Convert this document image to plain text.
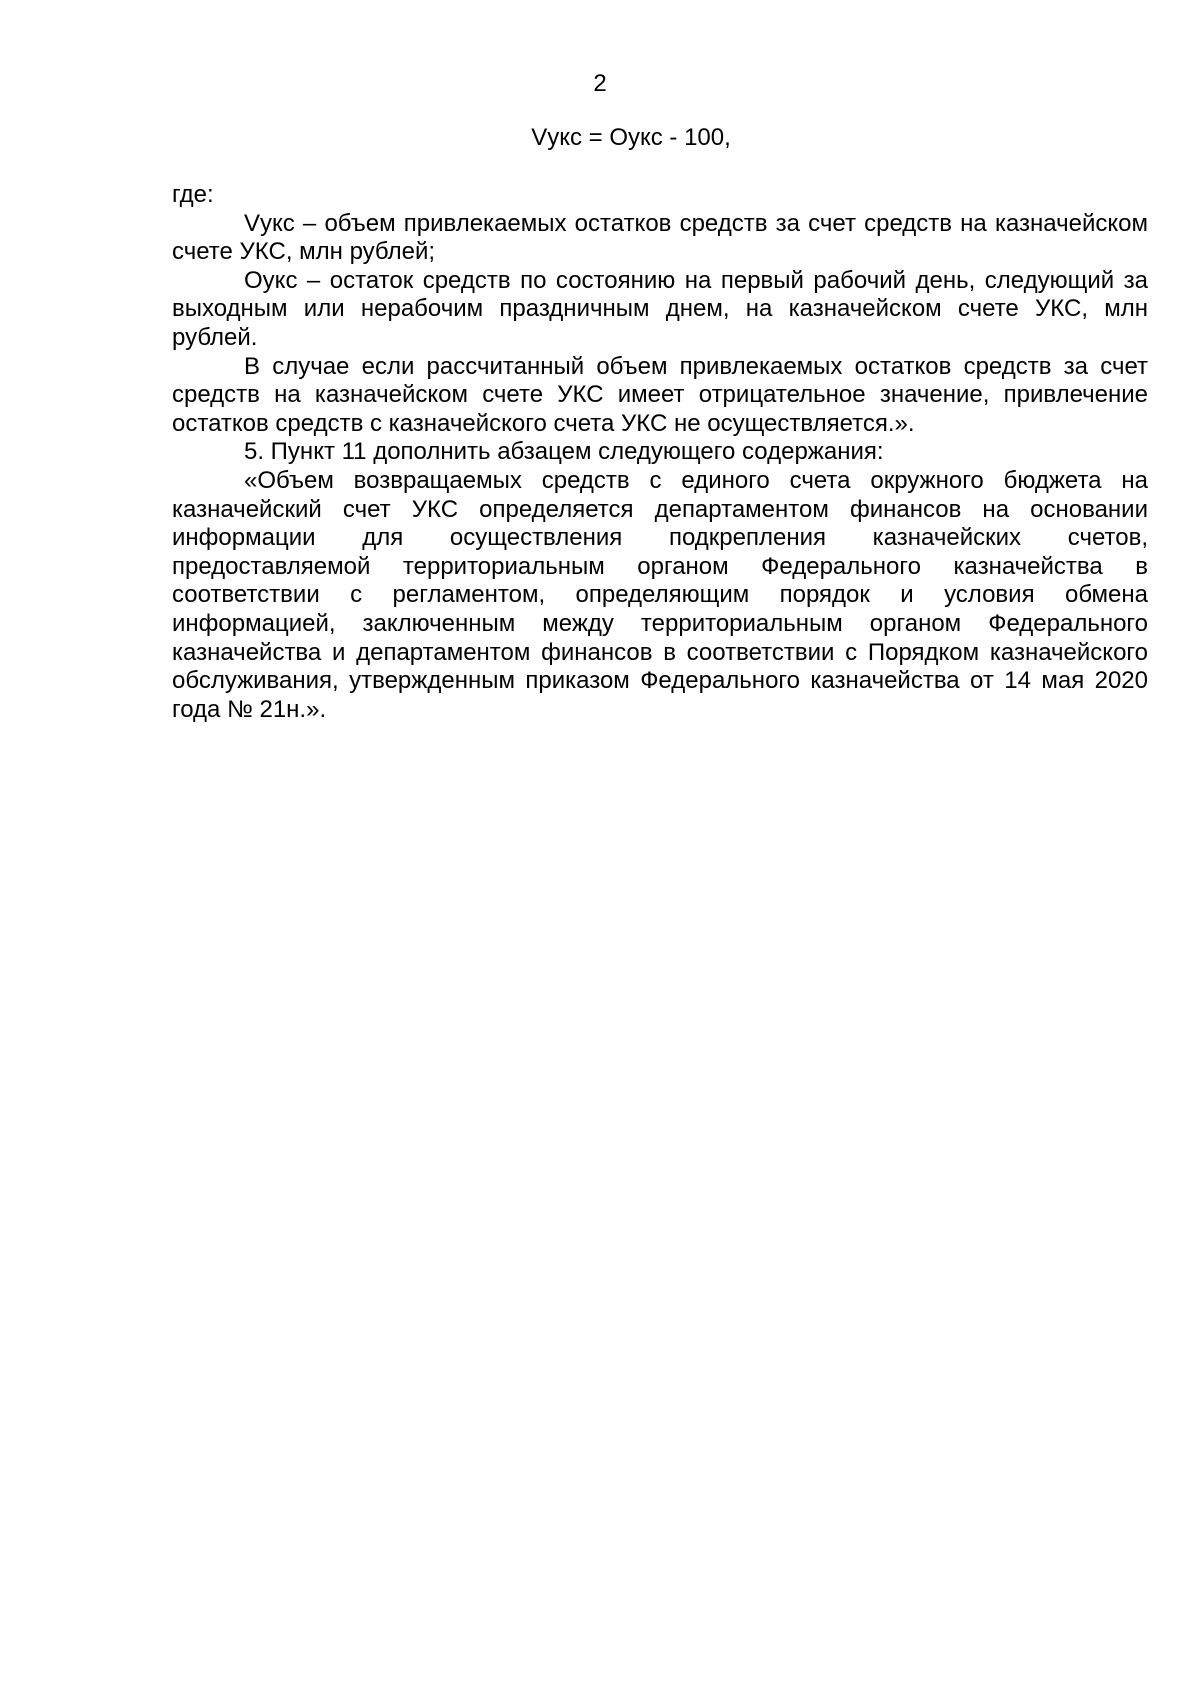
2
Vукс = Оукс - 100,

где:

Vукс – объем привлекаемых остатков средств за счет средств на казначейском счете УКС, млн рублей;

Оукс – остаток средств по состоянию на первый рабочий день, следующий за выходным или нерабочим праздничным днем, на казначейском счете УКС, млн рублей.

В случае если рассчитанный объем привлекаемых остатков средств за счет средств на казначейском счете УКС имеет отрицательное значение, привлечение остатков средств с казначейского счета УКС не осуществляется.».

5. Пункт 11 дополнить абзацем следующего содержания:

«Объем возвращаемых средств с единого счета окружного бюджета на казначейский счет УКС определяется департаментом финансов на основании информации для осуществления подкрепления казначейских счетов, предоставляемой территориальным органом Федерального казначейства в соответствии с регламентом, определяющим порядок и условия обмена информацией, заключенным между территориальным органом Федерального казначейства и департаментом финансов в соответствии с Порядком казначейского обслуживания, утвержденным приказом Федерального казначейства от 14 мая 2020 года № 21н.».
